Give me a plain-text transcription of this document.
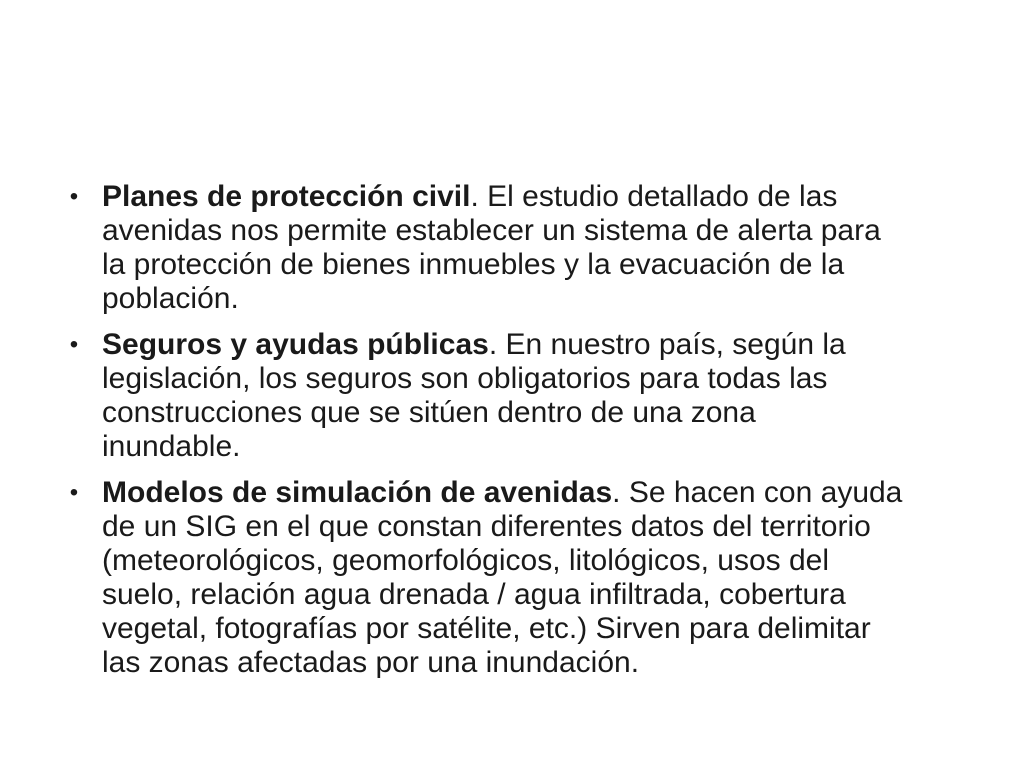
• Planes de protección civil. El estudio detallado de las
avenidas nos permite establecer un sistema de alerta para
la protección de bienes inmuebles y la evacuación de la
población.
• Seguros y ayudas públicas. En nuestro país, según la
legislación, los seguros son obligatorios para todas las
construcciones que se sitúen dentro de una zona
inundable.
• Modelos de simulación de avenidas. Se hacen con ayuda
de un SIG en el que constan diferentes datos del territorio
(meteorológicos, geomorfológicos, litológicos, usos del
suelo, relación agua drenada / agua infiltrada, cobertura
vegetal, fotografías por satélite, etc.) Sirven para delimitar
las zonas afectadas por una inundación.
